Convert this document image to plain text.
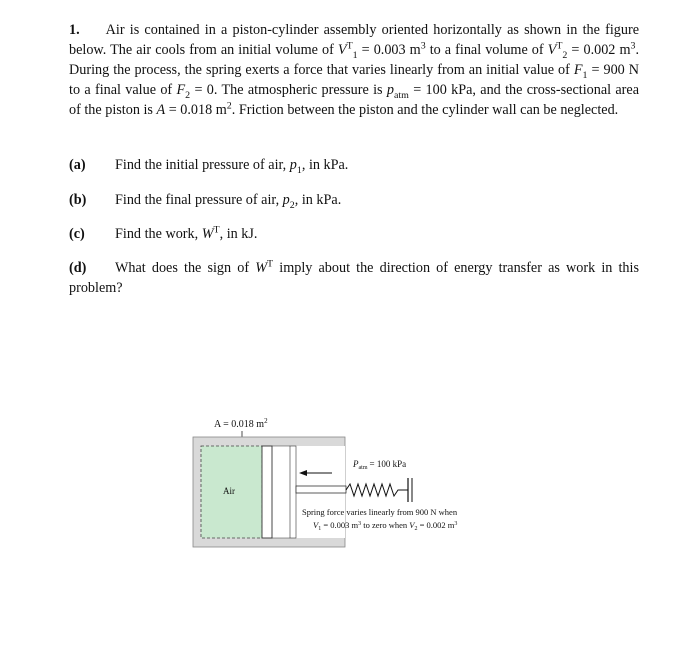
1. Air is contained in a piston-cylinder assembly oriented horizontally as shown in the figure below. The air cools from an initial volume of $V^T_1 = 0.003$ $m^3$ to a final volume of $V^T_2 = 0.002$ $m^3$. During the process, the spring exerts a force that varies linearly from an initial value of $F_1 = 900$ N to a final value of $F_2 = 0$. The atmospheric pressure is $p_{atm} = 100$ kPa, and the cross-sectional area of the piston is A = 0.018 $m^2$. Friction between the piston and the cylinder wall can be neglected.

(a) Find the initial pressure of air, $p_1$, in kPa.
(b) Find the final pressure of air, $p_2$, in kPa.
(c) Find the work, $W^T$, in kJ.
(d) What does the sign of $W^T$ imply about the direction of energy transfer as work in this problem?
A = 0.018 $m^2$
Air
$P_{atm} = 100$ kPa
Spring force varies linearly from 900 N when
$V_1 = 0.003$ $m^3$ to zero when $V_2 = 0.002$ $m^3$
